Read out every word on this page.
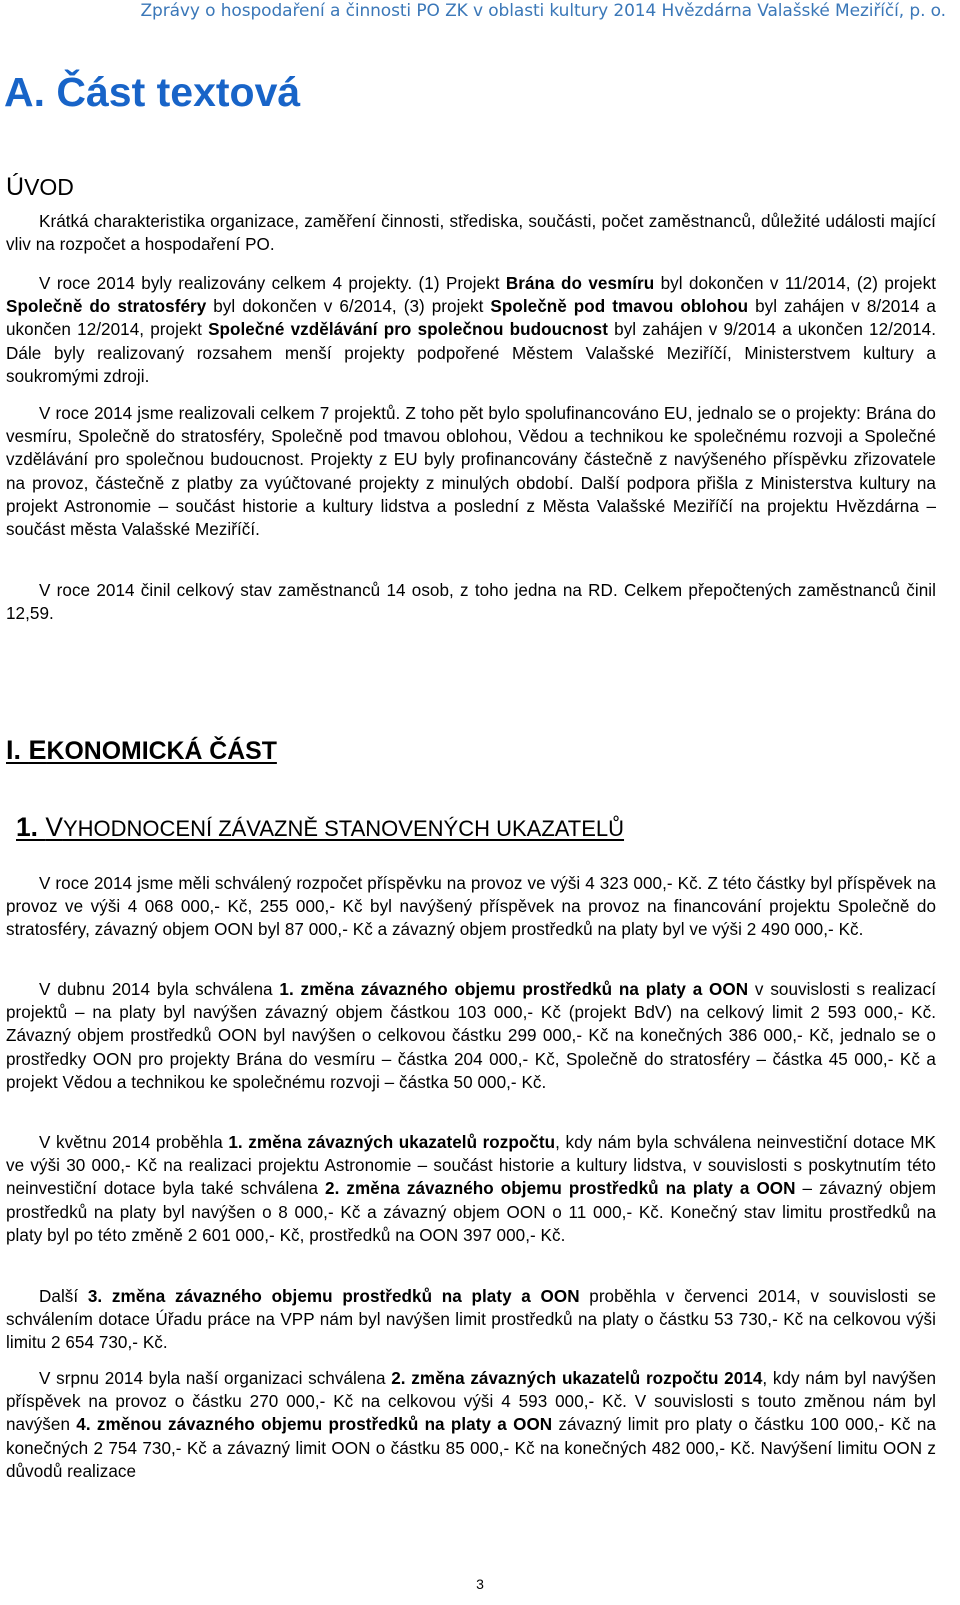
Zprávy o hospodaření a činnosti PO ZK v oblasti kultury 2014 Hvězdárna Valašské Meziříčí, p. o.
A. Část textová
ÚVOD

Krátká charakteristika organizace, zaměření činnosti, střediska, součásti, počet zaměstnanců, důležité události mající vliv na rozpočet a hospodaření PO.

V roce 2014 byly realizovány celkem 4 projekty. (1) Projekt Brána do vesmíru byl dokončen v 11/2014, (2) projekt Společně do stratosféry byl dokončen v 6/2014, (3) projekt Společně pod tmavou oblohou byl zahájen v 8/2014 a ukončen 12/2014, projekt Společné vzdělávání pro společnou budoucnost byl zahájen v 9/2014 a ukončen 12/2014. Dále byly realizovaný rozsahem menší projekty podpořené Městem Valašské Meziříčí, Ministerstvem kultury a soukromými zdroji.

V roce 2014 jsme realizovali celkem 7 projektů. Z toho pět bylo spolufinancováno EU, jednalo se o projekty: Brána do vesmíru, Společně do stratosféry, Společně pod tmavou oblohou, Vědou a technikou ke společnému rozvoji a Společné vzdělávání pro společnou budoucnost. Projekty z EU byly profinancovány částečně z navýšeného příspěvku zřizovatele na provoz, částečně z platby za vyúčtované projekty z minulých období. Další podpora přišla z Ministerstva kultury na projekt Astronomie – součást historie a kultury lidstva a poslední z Města Valašské Meziříčí na projektu Hvězdárna – součást města Valašské Meziříčí.

V roce 2014 činil celkový stav zaměstnanců 14 osob, z toho jedna na RD. Celkem přepočtených zaměstnanců činil 12,59.

I. EKONOMICKÁ ČÁST
1. VYHODNOCENÍ ZÁVAZNĚ STANOVENÝCH UKAZATELŮ

V roce 2014 jsme měli schválený rozpočet příspěvku na provoz ve výši 4 323 000,- Kč. Z této částky byl příspěvek na provoz ve výši 4 068 000,- Kč, 255 000,- Kč byl navýšený příspěvek na provoz na financování projektu Společně do stratosféry, závazný objem OON byl 87 000,- Kč a závazný objem prostředků na platy byl ve výši 2 490 000,- Kč.

V dubnu 2014 byla schválena 1. změna závazného objemu prostředků na platy a OON v souvislosti s realizací projektů – na platy byl navýšen závazný objem částkou 103 000,- Kč (projekt BdV) na celkový limit 2 593 000,- Kč. Závazný objem prostředků OON byl navýšen o celkovou částku 299 000,- Kč na konečných 386 000,- Kč, jednalo se o prostředky OON pro projekty Brána do vesmíru – částka 204 000,- Kč, Společně do stratosféry – částka 45 000,- Kč a projekt Vědou a technikou ke společnému rozvoji – částka 50 000,- Kč.

V květnu 2014 proběhla 1. změna závazných ukazatelů rozpočtu, kdy nám byla schválena neinvestiční dotace MK ve výši 30 000,- Kč na realizaci projektu Astronomie – součást historie a kultury lidstva, v souvislosti s poskytnutím této neinvestiční dotace byla také schválena 2. změna závazného objemu prostředků na platy a OON – závazný objem prostředků na platy byl navýšen o 8 000,- Kč a závazný objem OON o 11 000,- Kč. Konečný stav limitu prostředků na platy byl po této změně 2 601 000,- Kč, prostředků na OON 397 000,- Kč.

Další 3. změna závazného objemu prostředků na platy a OON proběhla v červenci 2014, v souvislosti se schválením dotace Úřadu práce na VPP nám byl navýšen limit prostředků na platy o částku 53 730,- Kč na celkovou výši limitu 2 654 730,- Kč.

V srpnu 2014 byla naší organizaci schválena 2. změna závazných ukazatelů rozpočtu 2014, kdy nám byl navýšen příspěvek na provoz o částku 270 000,- Kč na celkovou výši 4 593 000,- Kč. V souvislosti s touto změnou nám byl navýšen 4. změnou závazného objemu prostředků na platy a OON závazný limit pro platy o částku 100 000,- Kč na konečných 2 754 730,- Kč a závazný limit OON o částku 85 000,- Kč na konečných 482 000,- Kč. Navýšení limitu OON z důvodů realizace

3
